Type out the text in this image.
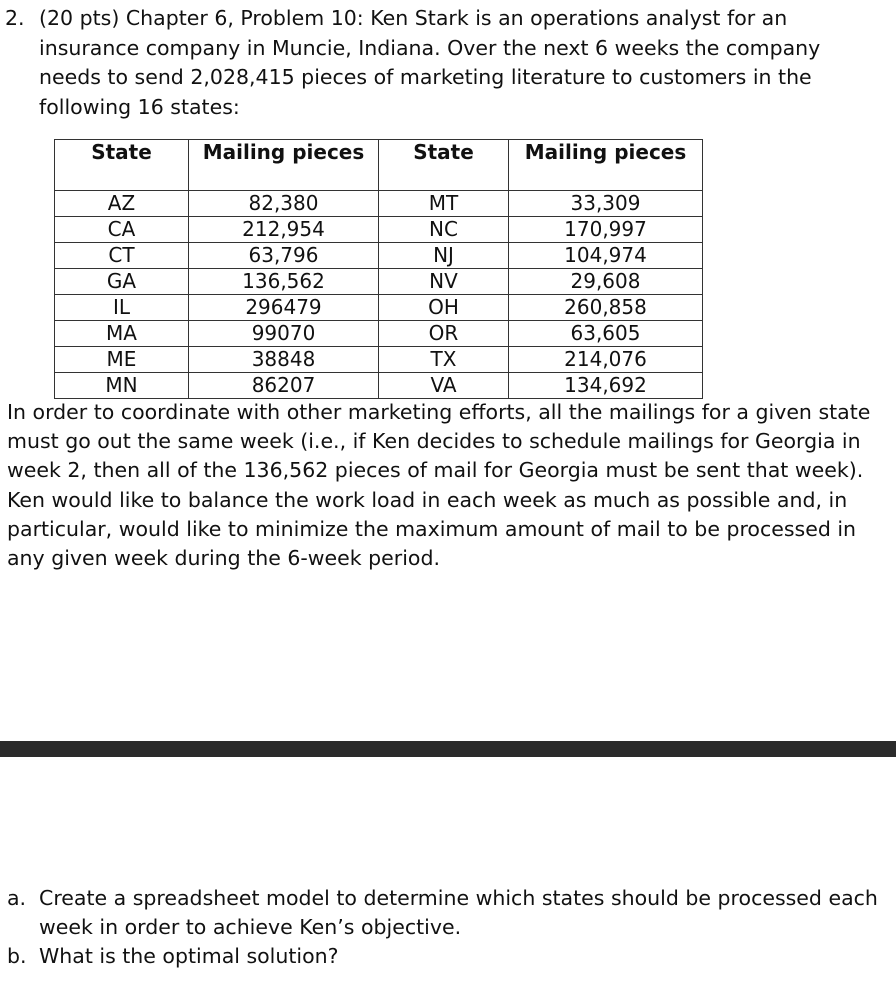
2. (20 pts) Chapter 6, Problem 10: Ken Stark is an operations analyst for an insurance company in Muncie, Indiana. Over the next 6 weeks the company needs to send 2,028,415 pieces of marketing literature to customers in the following 16 states:
State	Mailing pieces	State	Mailing pieces
AZ	82,380	MT	33,309
CA	212,954	NC	170,997
CT	63,796	NJ	104,974
GA	136,562	NV	29,608
IL	296479	OH	260,858
MA	99070	OR	63,605
ME	38848	TX	214,076
MN	86207	VA	134,692
In order to coordinate with other marketing efforts, all the mailings for a given state must go out the same week (i.e., if Ken decides to schedule mailings for Georgia in week 2, then all of the 136,562 pieces of mail for Georgia must be sent that week). Ken would like to balance the work load in each week as much as possible and, in particular, would like to minimize the maximum amount of mail to be processed in any given week during the 6-week period.
a. Create a spreadsheet model to determine which states should be processed each week in order to achieve Ken’s objective.
b. What is the optimal solution?
